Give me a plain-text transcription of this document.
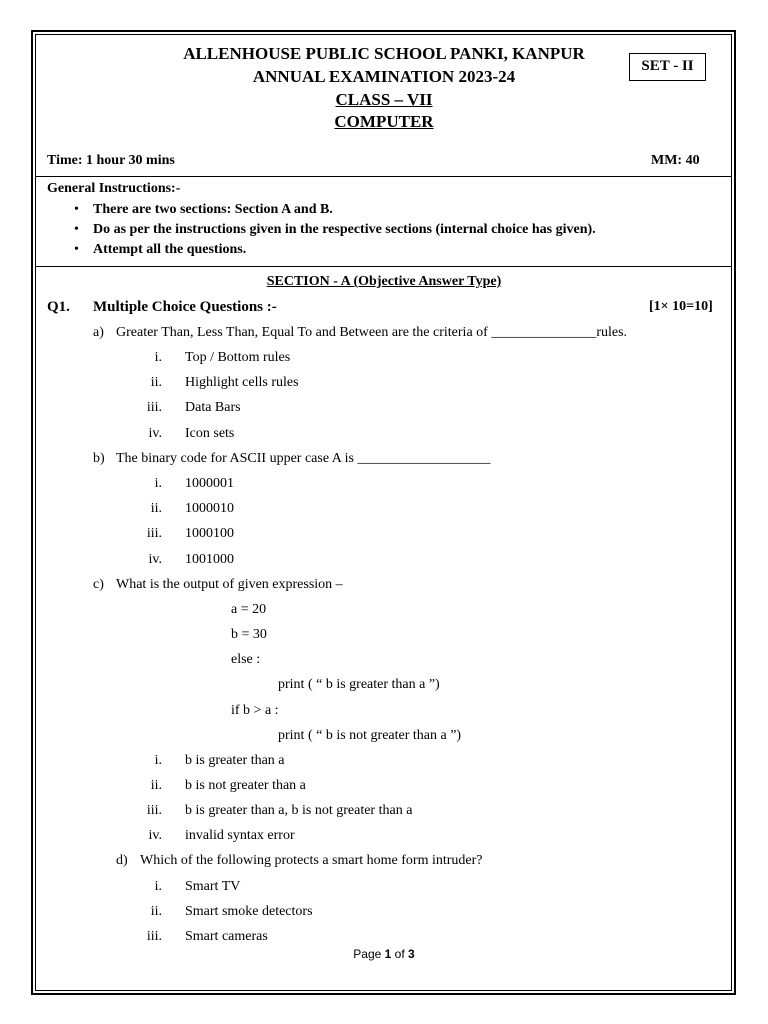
ALLENHOUSE PUBLIC SCHOOL PANKI, KANPUR
ANNUAL EXAMINATION 2023-24
CLASS – VII
COMPUTER
SET - II
Time: 1 hour 30 mins	MM: 40
General Instructions:-
• There are two sections: Section A and B.
• Do as per the instructions given in the respective sections (internal choice has given).
• Attempt all the questions.
SECTION - A (Objective Answer Type)
Q1. Multiple Choice Questions :-	[1× 10=10]
a) Greater Than, Less Than, Equal To and Between are the criteria of _______________rules.
i. Top / Bottom rules
ii. Highlight cells rules
iii. Data Bars
iv. Icon sets
b) The binary code for ASCII upper case A is ___________________
i. 1000001
ii. 1000010
iii. 1000100
iv. 1001000
c) What is the output of given expression –
a = 20
b = 30
else :
print ( “ b is greater than a ”)
if b > a :
print ( “ b is not greater than a ”)
i. b is greater than a
ii. b is not greater than a
iii. b is greater than a, b is not greater than a
iv. invalid syntax error
d) Which of the following protects a smart home form intruder?
i. Smart TV
ii. Smart smoke detectors
iii. Smart cameras
Page 1 of 3
